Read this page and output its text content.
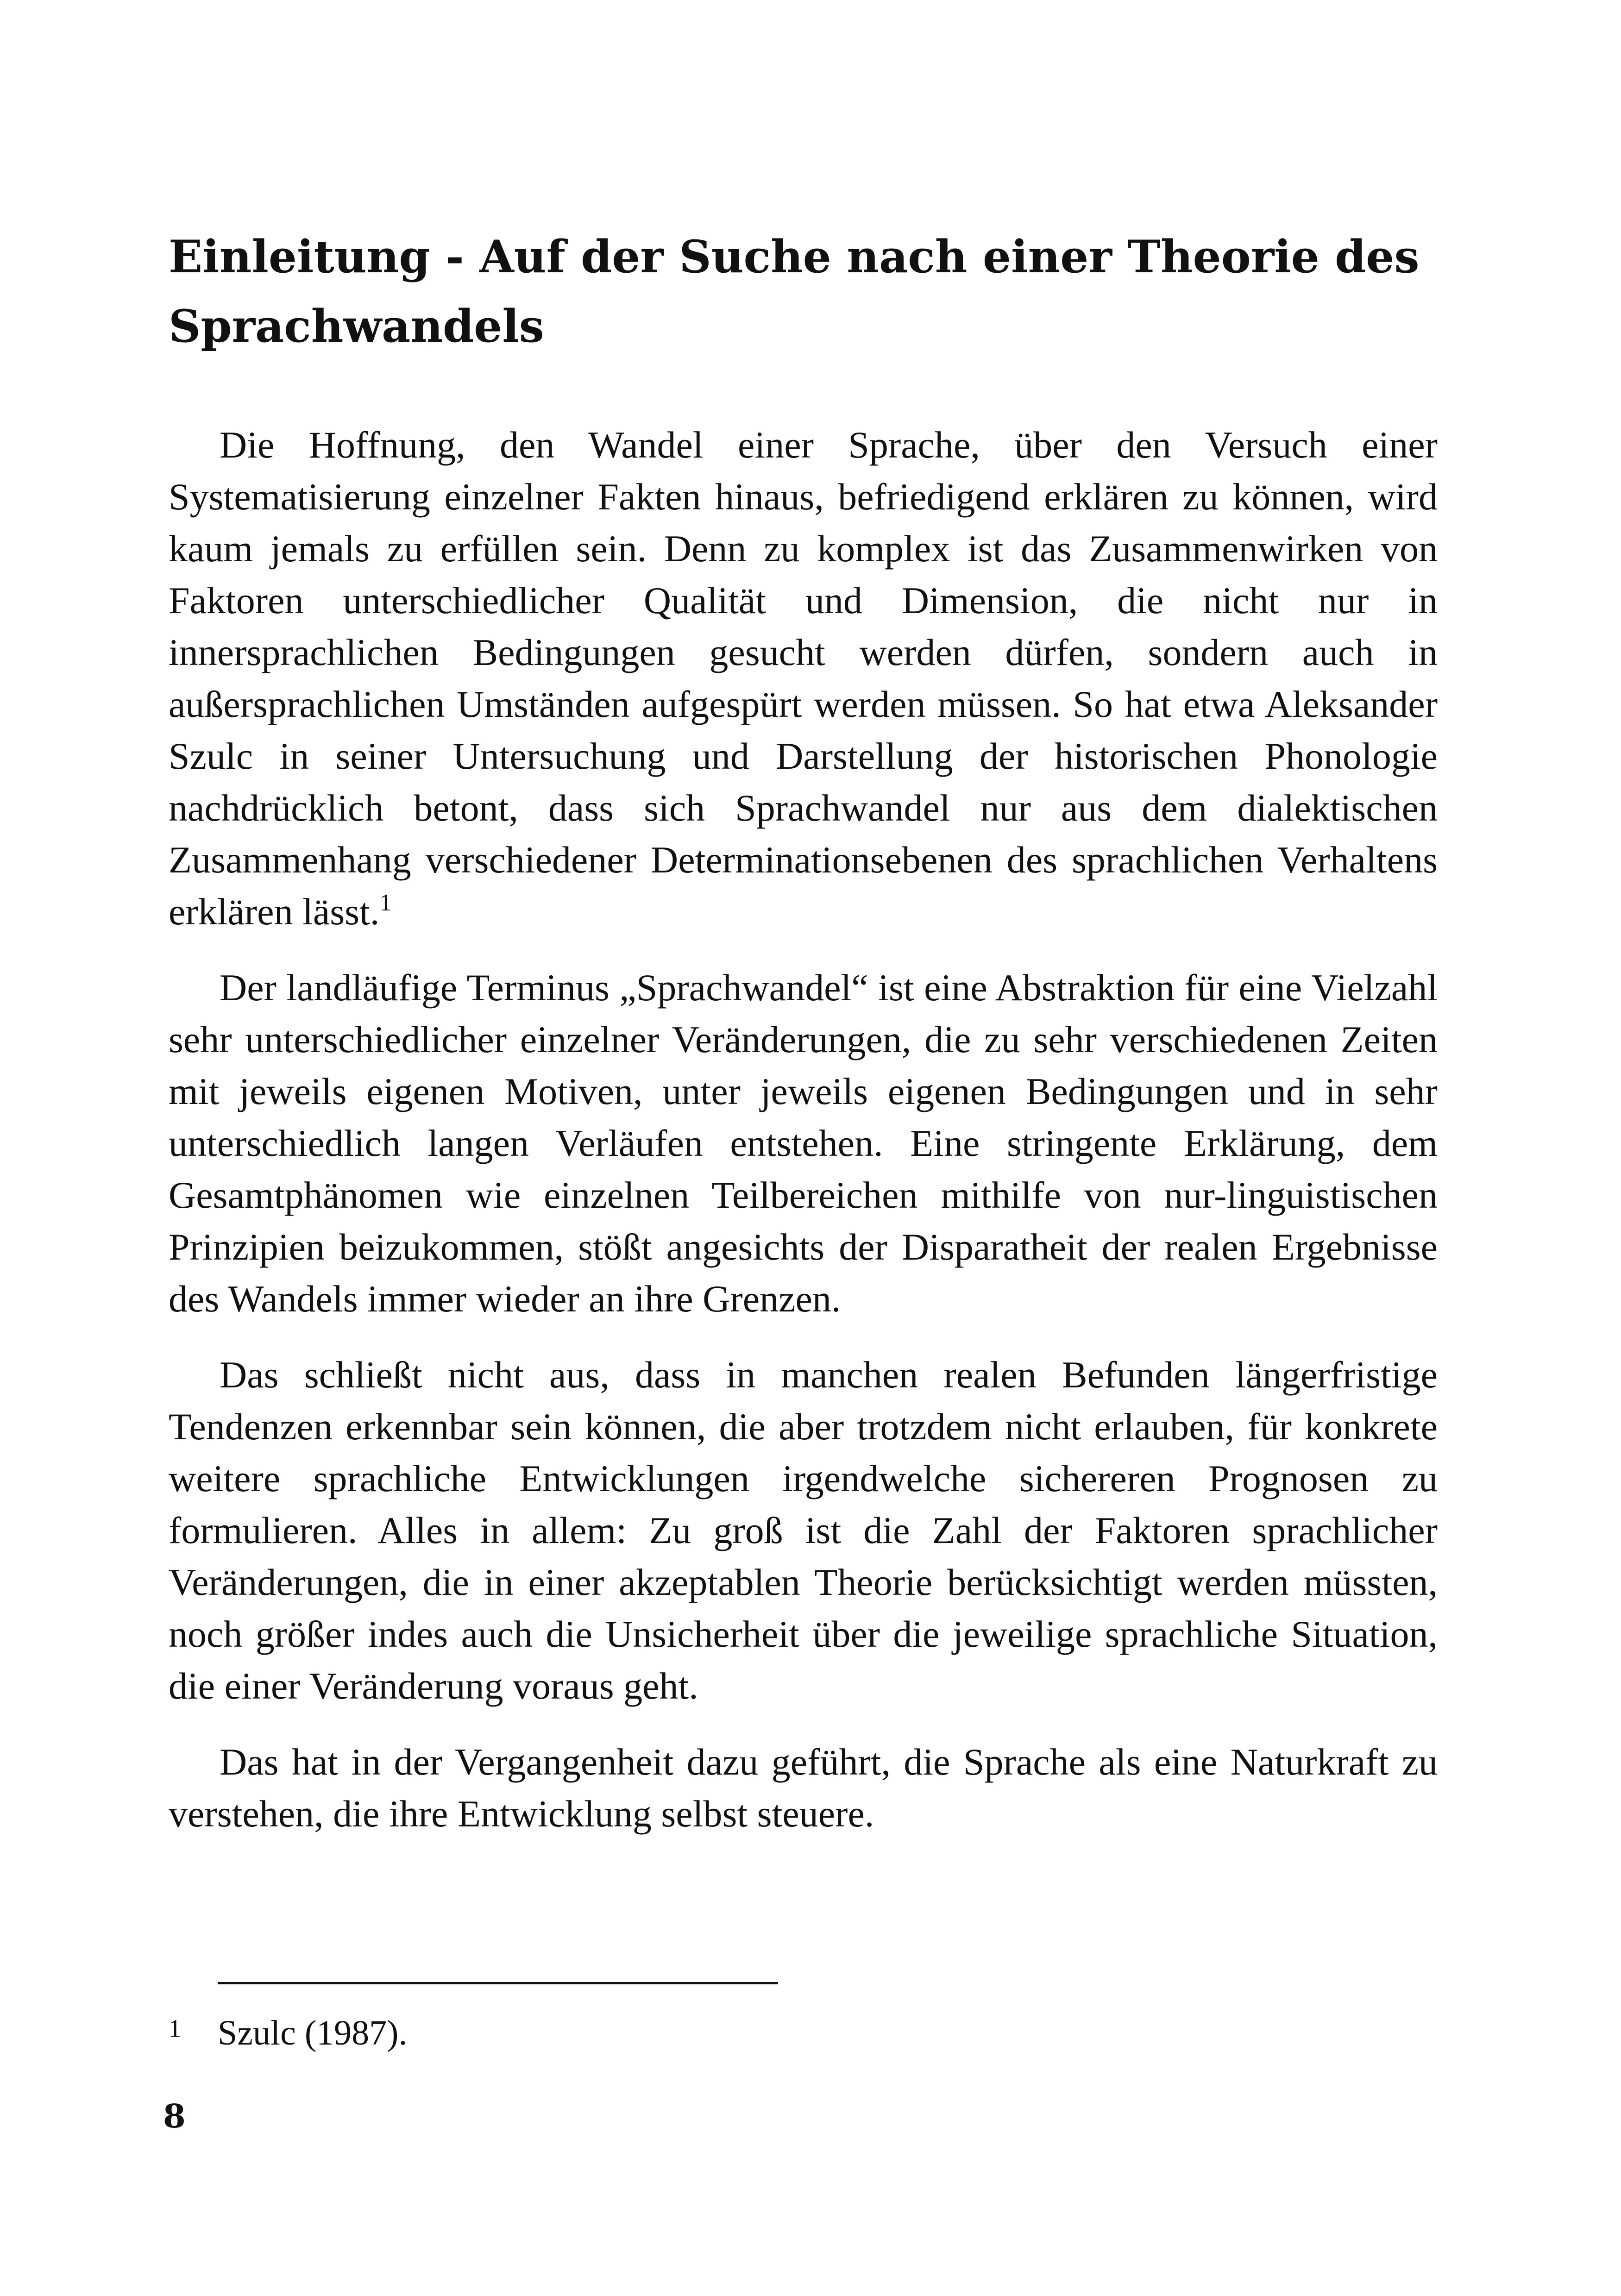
Einleitung - Auf der Suche nach einer Theorie des Sprachwandels

Die Hoffnung, den Wandel einer Sprache, über den Versuch einer Systematisierung einzelner Fakten hinaus, befriedigend erklären zu können, wird kaum jemals zu erfüllen sein. Denn zu komplex ist das Zusammenwirken von Faktoren unterschiedlicher Qualität und Dimension, die nicht nur in innersprachlichen Bedingungen gesucht werden dürfen, sondern auch in außersprachlichen Umständen aufgespürt werden müssen. So hat etwa Aleksander Szulc in seiner Untersuchung und Darstellung der historischen Phonologie nachdrücklich betont, dass sich Sprachwandel nur aus dem dialektischen Zusammenhang verschiedener Determinationsebenen des sprachlichen Verhaltens erklären lässt.$^1$

Der landläufige Terminus „Sprachwandel“ ist eine Abstraktion für eine Vielzahl sehr unterschiedlicher einzelner Veränderungen, die zu sehr verschiedenen Zeiten mit jeweils eigenen Motiven, unter jeweils eigenen Bedingungen und in sehr unterschiedlich langen Verläufen entstehen. Eine stringente Erklärung, dem Gesamtphänomen wie einzelnen Teilbereichen mithilfe von nur-linguistischen Prinzipien beizukommen, stößt angesichts der Disparatheit der realen Ergebnisse des Wandels immer wieder an ihre Grenzen.

Das schließt nicht aus, dass in manchen realen Befunden längerfristige Tendenzen erkennbar sein können, die aber trotzdem nicht erlauben, für konkrete weitere sprachliche Entwicklungen irgendwelche sichereren Prognosen zu formulieren. Alles in allem: Zu groß ist die Zahl der Faktoren sprachlicher Veränderungen, die in einer akzeptablen Theorie berücksichtigt werden müssten, noch größer indes auch die Unsicherheit über die jeweilige sprachliche Situation, die einer Veränderung voraus geht.

Das hat in der Vergangenheit dazu geführt, die Sprache als eine Naturkraft zu verstehen, die ihre Entwicklung selbst steuere.

1 Szulc (1987).
8
